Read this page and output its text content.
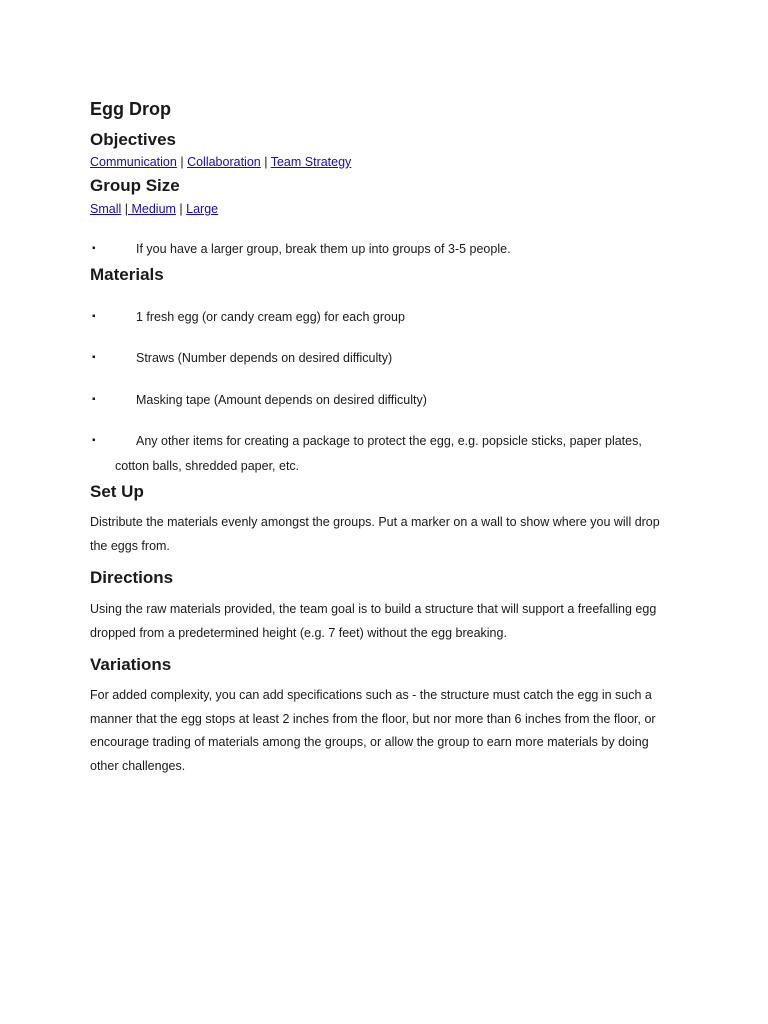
Egg Drop
Objectives
Communication | Collaboration | Team Strategy
Group Size
Small | Medium | Large
▪	If you have a larger group, break them up into groups of 3-5 people.
Materials
▪	1 fresh egg (or candy cream egg) for each group
▪	Straws (Number depends on desired difficulty)
▪	Masking tape (Amount depends on desired difficulty)
▪	Any other items for creating a package to protect the egg, e.g. popsicle sticks, paper plates,
cotton balls, shredded paper, etc.
Set Up
Distribute the materials evenly amongst the groups. Put a marker on a wall to show where you will drop the eggs from.
Directions
Using the raw materials provided, the team goal is to build a structure that will support a freefalling egg dropped from a predetermined height (e.g. 7 feet) without the egg breaking.
Variations
For added complexity, you can add specifications such as - the structure must catch the egg in such a manner that the egg stops at least 2 inches from the floor, but nor more than 6 inches from the floor, or encourage trading of materials among the groups, or allow the group to earn more materials by doing other challenges.
